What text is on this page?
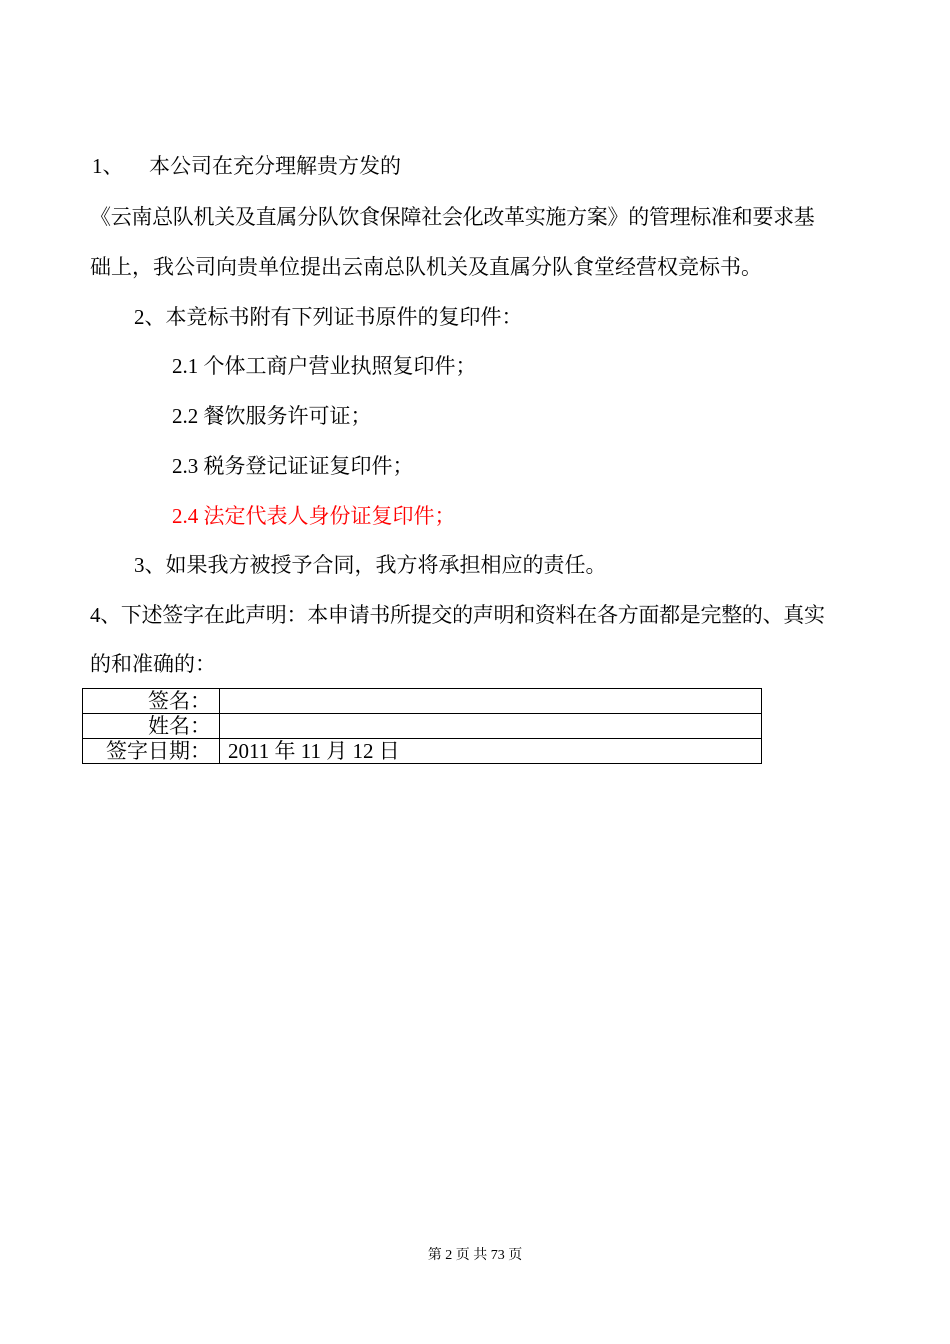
1、 本公司在充分理解贵方发的
《云南总队机关及直属分队饮食保障社会化改革实施方案》的管理标准和要求基
础上，我公司向贵单位提出云南总队机关及直属分队食堂经营权竞标书。
2、本竞标书附有下列证书原件的复印件：
2.1 个体工商户营业执照复印件；
2.2 餐饮服务许可证；
2.3 税务登记证证复印件；
2.4 法定代表人身份证复印件；
3、如果我方被授予合同，我方将承担相应的责任。
4、下述签字在此声明：本申请书所提交的声明和资料在各方面都是完整的、真实
的和准确的：
签名：	
姓名：	
签字日期：	2011 年 11 月 12 日
第 2 页 共 73 页
